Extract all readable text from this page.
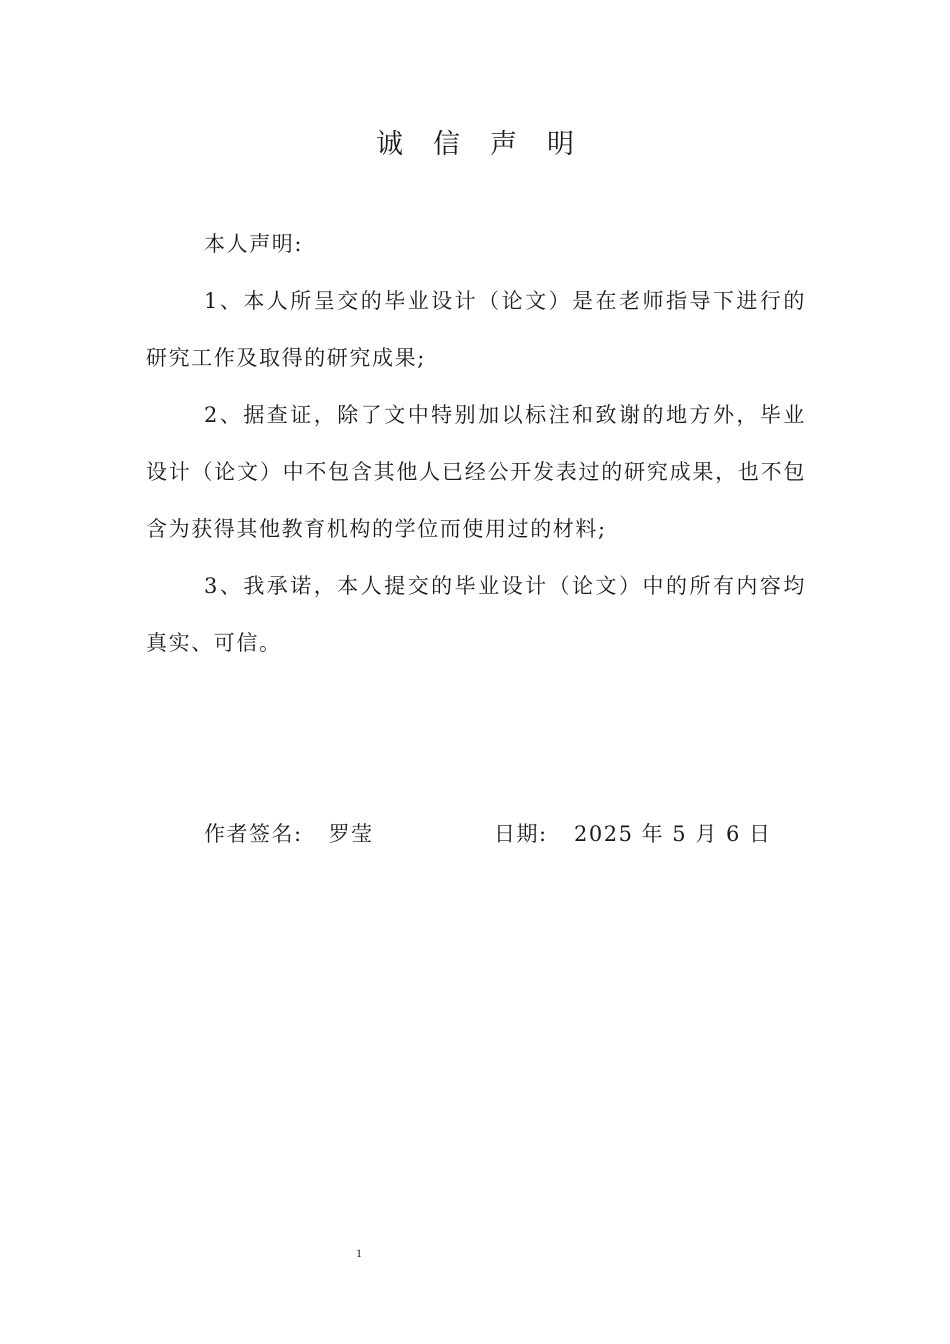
诚信声明

本人声明:

1、本人所呈交的毕业设计（论文）是在老师指导下进行的研究工作及取得的研究成果;

2、据查证，除了文中特别加以标注和致谢的地方外，毕业设计（论文）中不包含其他人已经公开发表过的研究成果，也不包含为获得其他教育机构的学位而使用过的材料;

3、我承诺，本人提交的毕业设计（论文）中的所有内容均真实、可信。

作者签名: 罗莹	日期: 2025 年 5 月 6 日
1
